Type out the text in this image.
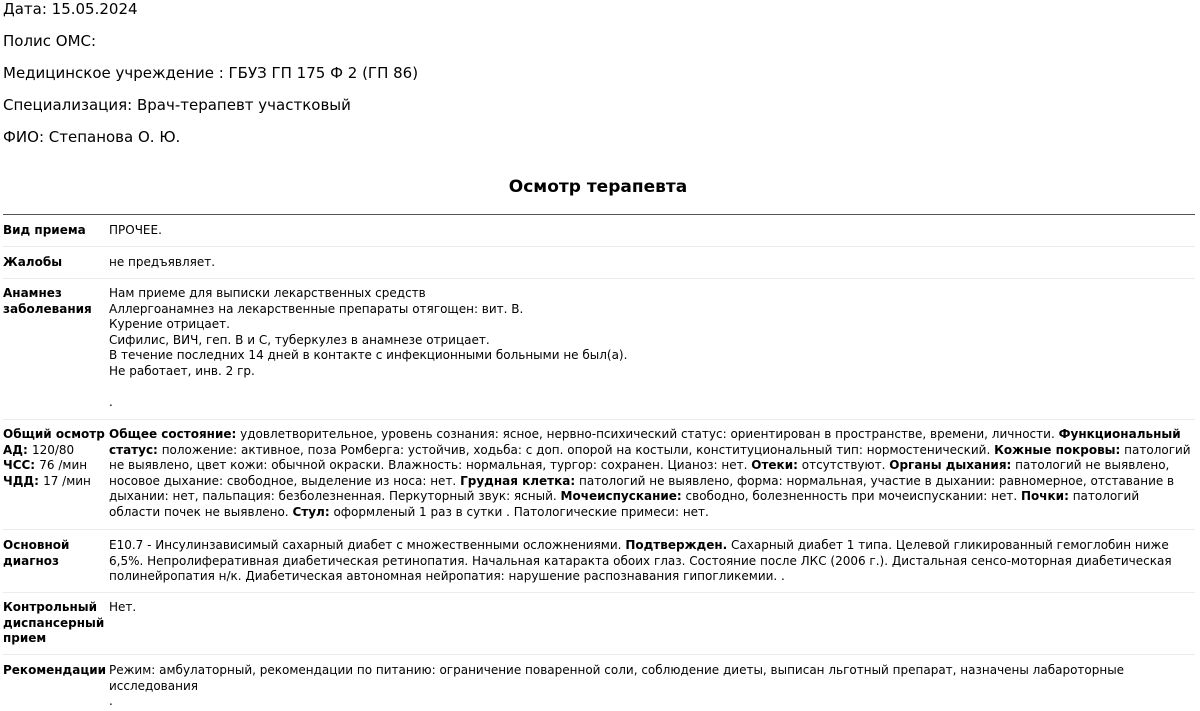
Дата: 15.05.2024
Полис ОМС:
Медицинское учреждение : ГБУЗ ГП 175 Ф 2 (ГП 86)
Специализация: Врач-терапевт участковый
ФИО: Степанова О. Ю.
Осмотр терапевта
Вид приема	ПРОЧЕЕ.
Жалобы	не предъявляет.
Анамнез
заболевания
Нам приеме для выписки лекарственных средств
Аллергоанамнез на лекарственные препараты отягощен: вит. В.
Курение отрицает.
Сифилис, ВИЧ, геп. В и С, туберкулез в анамнезе отрицает.
В течение последних 14 дней в контакте с инфекционными больными не был(а).
Не работает, инв. 2 гр.
.
Общий осмотр
АД: 120/80
ЧСС: 76 /мин
ЧДД: 17 /мин
Общее состояние: удовлетворительное, уровень сознания: ясное, нервно-психический статус: ориентирован в пространстве, времени, личности. Функциональный статус: положение: активное, поза Ромберга: устойчив, ходьба: с доп. опорой на костыли, конституциональный тип: нормостенический. Кожные покровы: патологий не выявлено, цвет кожи: обычной окраски. Влажность: нормальная, тургор: сохранен. Цианоз: нет. Отеки: отсутствуют. Органы дыхания: патологий не выявлено, носовое дыхание: свободное, выделение из носа: нет. Грудная клетка: патологий не выявлено, форма: нормальная, участие в дыхании: равномерное, отставание в дыхании: нет, пальпация: безболезненная. Перкуторный звук: ясный. Мочеиспускание: свободно, болезненность при мочеиспускании: нет. Почки: патологий области почек не выявлено. Стул: оформленый 1 раз в сутки . Патологические примеси: нет.
Основной
диагноз
E10.7 - Инсулинзависимый сахарный диабет с множественными осложнениями. Подтвержден. Сахарный диабет 1 типа. Целевой гликированный гемоглобин ниже 6,5%. Непролиферативная диабетическая ретинопатия. Начальная катаракта обоих глаз. Состояние после ЛКС (2006 г.). Дистальная сенсо-моторная диабетическая полинейропатия н/к. Диабетическая автономная нейропатия: нарушение распознавания гипогликемии. .
Контрольный
диспансерный
прием
Нет.
Рекомендации Режим: амбулаторный, рекомендации по питанию: ограничение поваренной соли, соблюдение диеты, выписан льготный препарат, назначены лабароторные исследования
.
